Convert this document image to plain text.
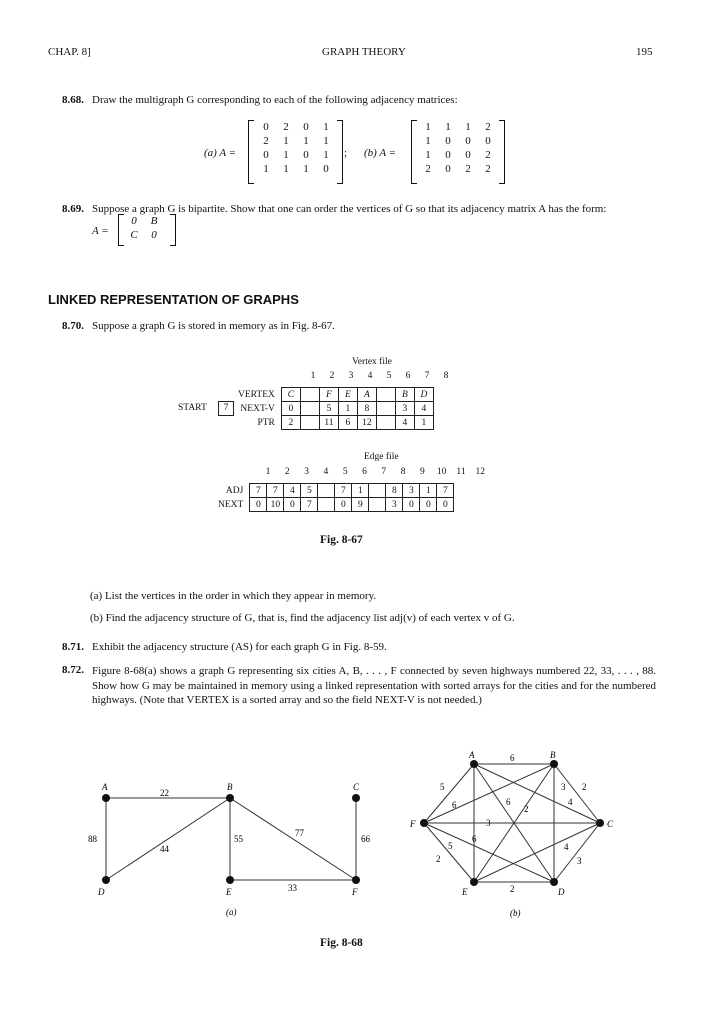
CHAP. 8]	GRAPH THEORY	195
8.68. Draw the multigraph G corresponding to each of the following adjacency matrices:
(a) A =
0	2	0	1
2	1	1	1
0	1	0	1
1	1	1	0
; (b) A =
1	1	1	2
1	0	0	0
1	0	0	2
2	0	2	2
8.69. Suppose a graph G is bipartite. Show that one can order the vertices of G so that its adjacency matrix A has the form:
A =
0	B
C	0
LINKED REPRESENTATION OF GRAPHS
8.70. Suppose a graph G is stored in memory as in Fig. 8-67.
Vertex file
1	2	3	4	5	6	7	8
START	7
VERTEX	C		F	E	A		B	D
NEXT-V	0		5	1	8		3	4
PTR	2		11	6	12		4	1
Edge file
1	2	3	4	5	6	7	8	9	10	11	12
ADJ	7	7	4	5		7	1		8	3	1	7
NEXT	0	10	0	7		0	9		3	0	0	0
Fig. 8-67
(a) List the vertices in the order in which they appear in memory.
(b) Find the adjacency structure of G, that is, find the adjacency list adj(v) of each vertex v of G.
8.71. Exhibit the adjacency structure (AS) for each graph G in Fig. 8-59.
8.72. Figure 8-68(a) shows a graph G representing six cities A, B, . . . , F connected by seven highways numbered 22, 33, . . . , 88. Show how G may be maintained in memory using a linked representation with sorted arrays for the cities and for the numbered highways. (Note that VERTEX is a sorted array and so the field NEXT-V is not needed.)
A	B	C
D	E	F
22
88
44
55
77
66
33
(a)
A	B
C
D
E
F
6
5
6	6
3
2
3 2
4
6
5	4
3
2
2
(b)
Fig. 8-68
